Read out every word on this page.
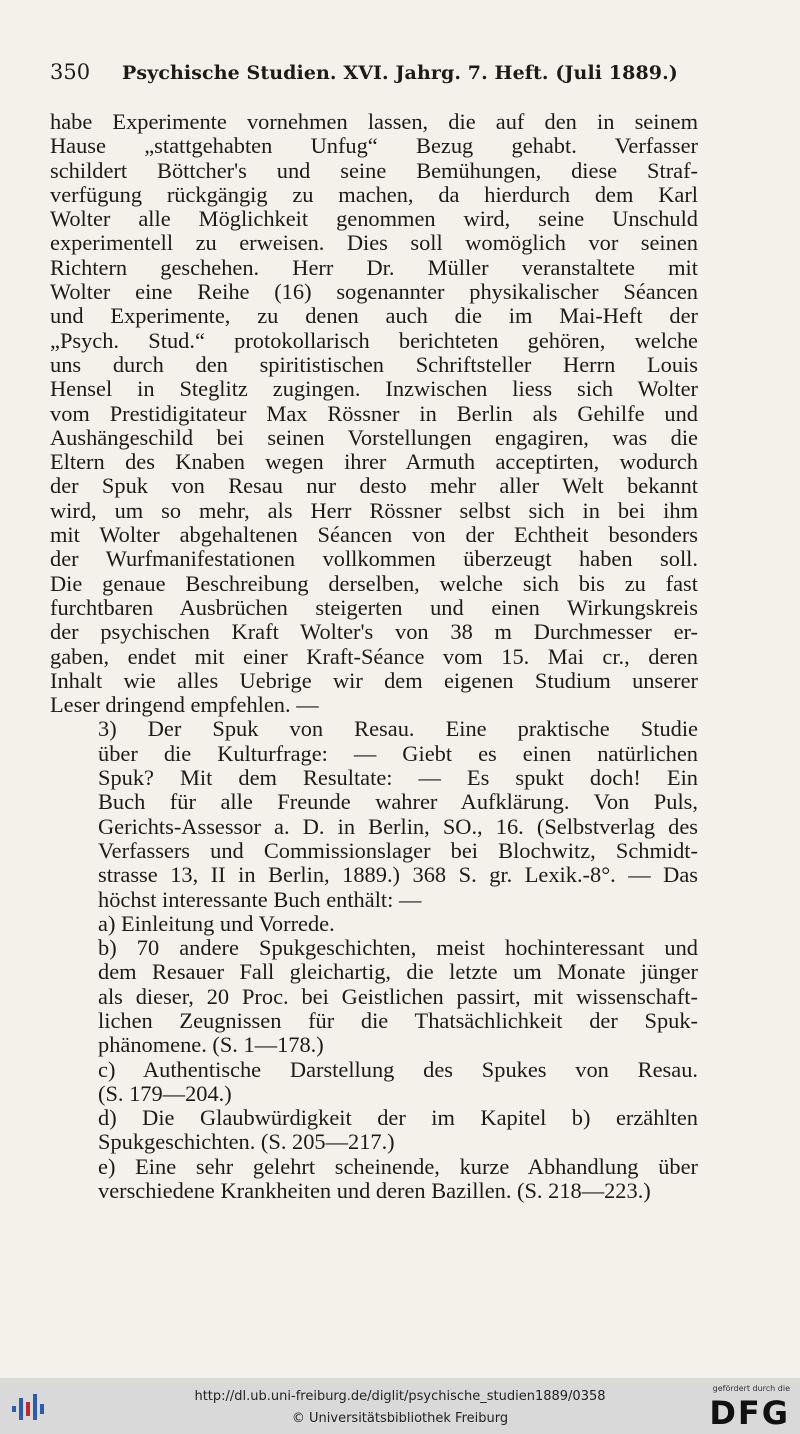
350 Psychische Studien. XVI. Jahrg. 7. Heft. (Juli 1889.)
habe Experimente vornehmen lassen, die auf den in seinem
Hause „stattgehabten Unfug“ Bezug gehabt. Verfasser
schildert Böttcher's und seine Bemühungen, diese Straf-
verfügung rückgängig zu machen, da hierdurch dem Karl
Wolter alle Möglichkeit genommen wird, seine Unschuld
experimentell zu erweisen. Dies soll womöglich vor seinen
Richtern geschehen. Herr Dr. Müller veranstaltete mit
Wolter eine Reihe (16) sogenannter physikalischer Séancen
und Experimente, zu denen auch die im Mai-Heft der
„Psych. Stud.“ protokollarisch berichteten gehören, welche
uns durch den spiritistischen Schriftsteller Herrn Louis
Hensel in Steglitz zugingen. Inzwischen liess sich Wolter
vom Prestidigitateur Max Rössner in Berlin als Gehilfe und
Aushängeschild bei seinen Vorstellungen engagiren, was die
Eltern des Knaben wegen ihrer Armuth acceptirten, wodurch
der Spuk von Resau nur desto mehr aller Welt bekannt
wird, um so mehr, als Herr Rössner selbst sich in bei ihm
mit Wolter abgehaltenen Séancen von der Echtheit besonders
der Wurfmanifestationen vollkommen überzeugt haben soll.
Die genaue Beschreibung derselben, welche sich bis zu fast
furchtbaren Ausbrüchen steigerten und einen Wirkungskreis
der psychischen Kraft Wolter's von 38 m Durchmesser er-
gaben, endet mit einer Kraft-Séance vom 15. Mai cr., deren
Inhalt wie alles Uebrige wir dem eigenen Studium unserer
Leser dringend empfehlen. —
3) Der Spuk von Resau. Eine praktische Studie
über die Kulturfrage: — Giebt es einen natürlichen
Spuk? Mit dem Resultate: — Es spukt doch! Ein
Buch für alle Freunde wahrer Aufklärung. Von Puls,
Gerichts-Assessor a. D. in Berlin, SO., 16. (Selbstverlag des
Verfassers und Commissionslager bei Blochwitz, Schmidt-
strasse 13, II in Berlin, 1889.) 368 S. gr. Lexik.-8°. — Das
höchst interessante Buch enthält: —
a) Einleitung und Vorrede.
b) 70 andere Spukgeschichten, meist hochinteressant und
dem Resauer Fall gleichartig, die letzte um Monate jünger
als dieser, 20 Proc. bei Geistlichen passirt, mit wissenschaft-
lichen Zeugnissen für die Thatsächlichkeit der Spuk-
phänomene. (S. 1—178.)
c) Authentische Darstellung des Spukes von Resau.
(S. 179—204.)
d) Die Glaubwürdigkeit der im Kapitel b) erzählten
Spukgeschichten. (S. 205—217.)
e) Eine sehr gelehrt scheinende, kurze Abhandlung über
verschiedene Krankheiten und deren Bazillen. (S. 218—223.)
http://dl.ub.uni-freiburg.de/diglit/psychische_studien1889/0358
© Universitätsbibliothek Freiburg
gefördert durch die
DFG
